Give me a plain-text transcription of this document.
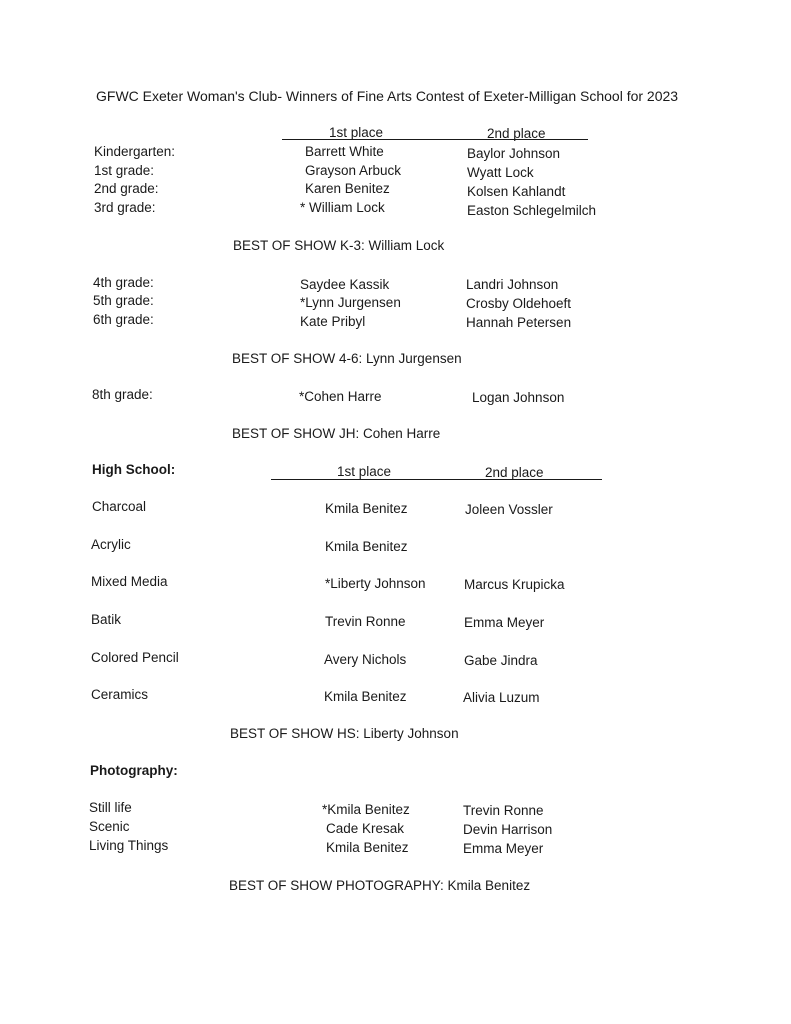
GFWC Exeter Woman's Club- Winners of Fine Arts Contest of Exeter-Milligan School for 2023
1st place	2nd place
Kindergarten:	Barrett White	Baylor Johnson
1st grade:	Grayson Arbuck	Wyatt Lock
2nd grade:	Karen Benitez	Kolsen Kahlandt
3rd grade:	* William Lock	Easton Schlegelmilch
BEST OF SHOW K-3: William Lock
4th grade:	Saydee Kassik	Landri Johnson
5th grade:	*Lynn Jurgensen	Crosby Oldehoeft
6th grade:	Kate Pribyl	Hannah Petersen
BEST OF SHOW 4-6: Lynn Jurgensen
8th grade:	*Cohen Harre	Logan Johnson
BEST OF SHOW JH: Cohen Harre
High School:	1st place	2nd place
Charcoal	Kmila Benitez	Joleen Vossler
Acrylic	Kmila Benitez
Mixed Media	*Liberty Johnson	Marcus Krupicka
Batik	Trevin Ronne	Emma Meyer
Colored Pencil	Avery Nichols	Gabe Jindra
Ceramics	Kmila Benitez	Alivia Luzum
BEST OF SHOW HS: Liberty Johnson
Photography:
Still life	*Kmila Benitez	Trevin Ronne
Scenic	Cade Kresak	Devin Harrison
Living Things	Kmila Benitez	Emma Meyer
BEST OF SHOW PHOTOGRAPHY: Kmila Benitez
